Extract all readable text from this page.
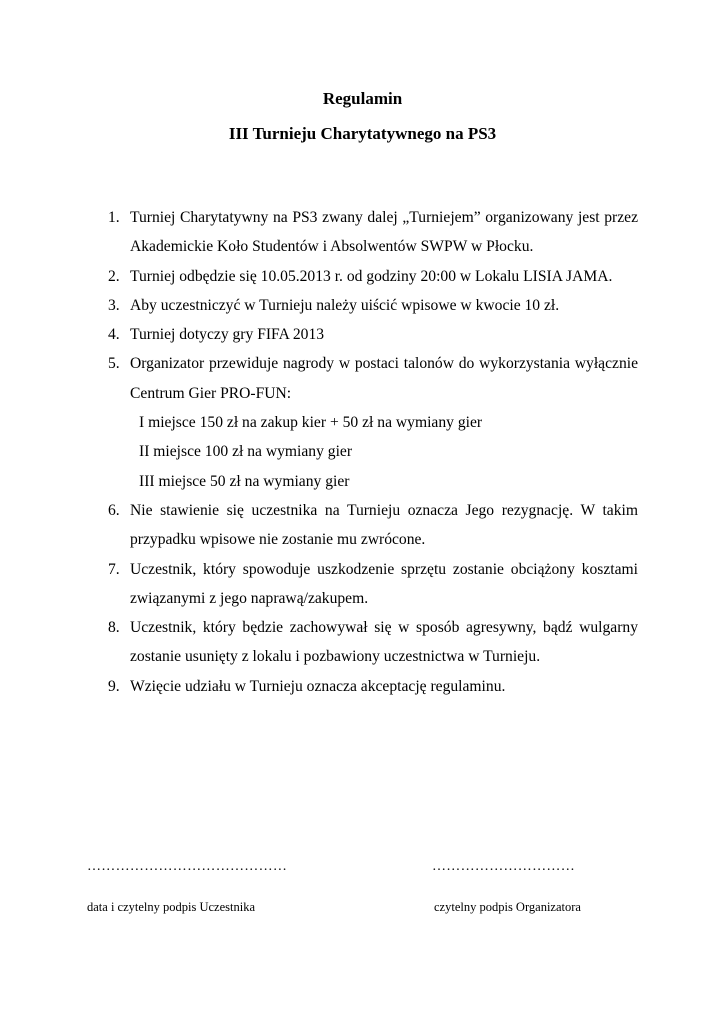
Regulamin
III Turnieju Charytatywnego na PS3
1. Turniej Charytatywny na PS3 zwany dalej „Turniejem” organizowany jest przez Akademickie Koło Studentów i Absolwentów SWPW w Płocku.
2. Turniej odbędzie się 10.05.2013 r. od godziny 20:00 w Lokalu LISIA JAMA.
3. Aby uczestniczyć w Turnieju należy uiścić wpisowe w kwocie 10 zł.
4. Turniej dotyczy gry FIFA 2013
5. Organizator przewiduje nagrody w postaci talonów do wykorzystania wyłącznie Centrum Gier PRO-FUN:
I miejsce 150 zł na zakup kier + 50 zł na wymiany gier
II miejsce 100 zł na wymiany gier
III miejsce 50 zł na wymiany gier
6. Nie stawienie się uczestnika na Turnieju oznacza Jego rezygnację. W takim przypadku wpisowe nie zostanie mu zwrócone.
7. Uczestnik, który spowoduje uszkodzenie sprzętu zostanie obciążony kosztami związanymi z jego naprawą/zakupem.
8. Uczestnik, który będzie zachowywał się w sposób agresywny, bądź wulgarny zostanie usunięty z lokalu i pozbawiony uczestnictwa w Turnieju.
9. Wzięcie udziału w Turnieju oznacza akceptację regulaminu.
……………………………………	…………………………
data i czytelny podpis Uczestnika	czytelny podpis Organizatora
